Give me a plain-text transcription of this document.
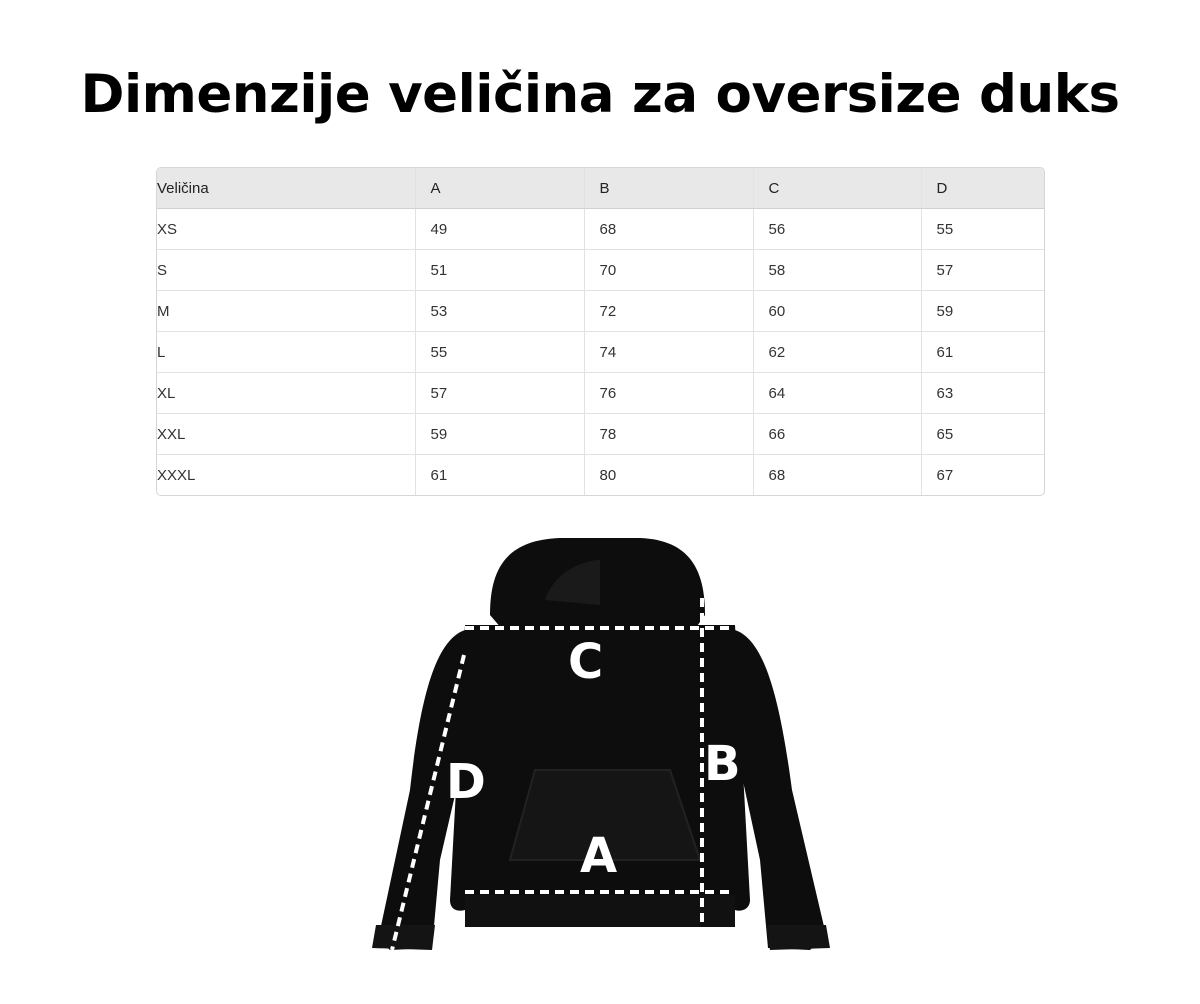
Dimenzije veličina za oversize duks
Veličina	A	B	C	D
XS	49	68	56	55
S	51	70	58	57
M	53	72	60	59
L	55	74	62	61
XL	57	76	64	63
XXL	59	78	66	65
XXXL	61	80	68	67
C
B
A
D
